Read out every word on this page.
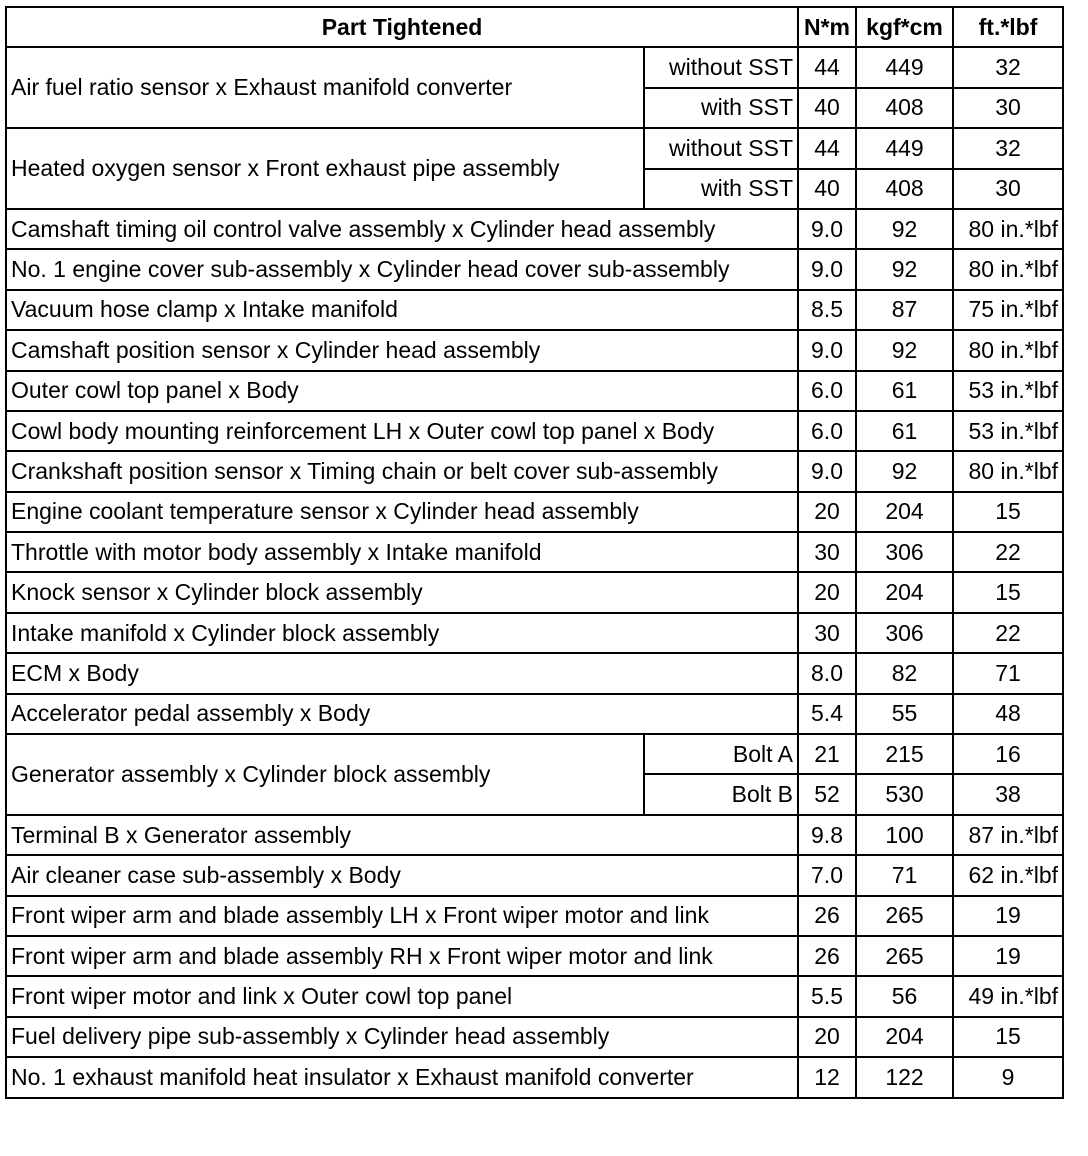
Part Tightened		N*m	kgf*cm	ft.*lbf
Air fuel ratio sensor x Exhaust manifold converter	without SST	44	449	32
	with SST	40	408	30
Heated oxygen sensor x Front exhaust pipe assembly	without SST	44	449	32
	with SST	40	408	30
Camshaft timing oil control valve assembly x Cylinder head assembly		9.0	92	80 in.*lbf
No. 1 engine cover sub-assembly x Cylinder head cover sub-assembly		9.0	92	80 in.*lbf
Vacuum hose clamp x Intake manifold		8.5	87	75 in.*lbf
Camshaft position sensor x Cylinder head assembly		9.0	92	80 in.*lbf
Outer cowl top panel x Body		6.0	61	53 in.*lbf
Cowl body mounting reinforcement LH x Outer cowl top panel x Body		6.0	61	53 in.*lbf
Crankshaft position sensor x Timing chain or belt cover sub-assembly		9.0	92	80 in.*lbf
Engine coolant temperature sensor x Cylinder head assembly		20	204	15
Throttle with motor body assembly x Intake manifold		30	306	22
Knock sensor x Cylinder block assembly		20	204	15
Intake manifold x Cylinder block assembly		30	306	22
ECM x Body		8.0	82	71
Accelerator pedal assembly x Body		5.4	55	48
Generator assembly x Cylinder block assembly	Bolt A	21	215	16
	Bolt B	52	530	38
Terminal B x Generator assembly		9.8	100	87 in.*lbf
Air cleaner case sub-assembly x Body		7.0	71	62 in.*lbf
Front wiper arm and blade assembly LH x Front wiper motor and link		26	265	19
Front wiper arm and blade assembly RH x Front wiper motor and link		26	265	19
Front wiper motor and link x Outer cowl top panel		5.5	56	49 in.*lbf
Fuel delivery pipe sub-assembly x Cylinder head assembly		20	204	15
No. 1 exhaust manifold heat insulator x Exhaust manifold converter		12	122	9
